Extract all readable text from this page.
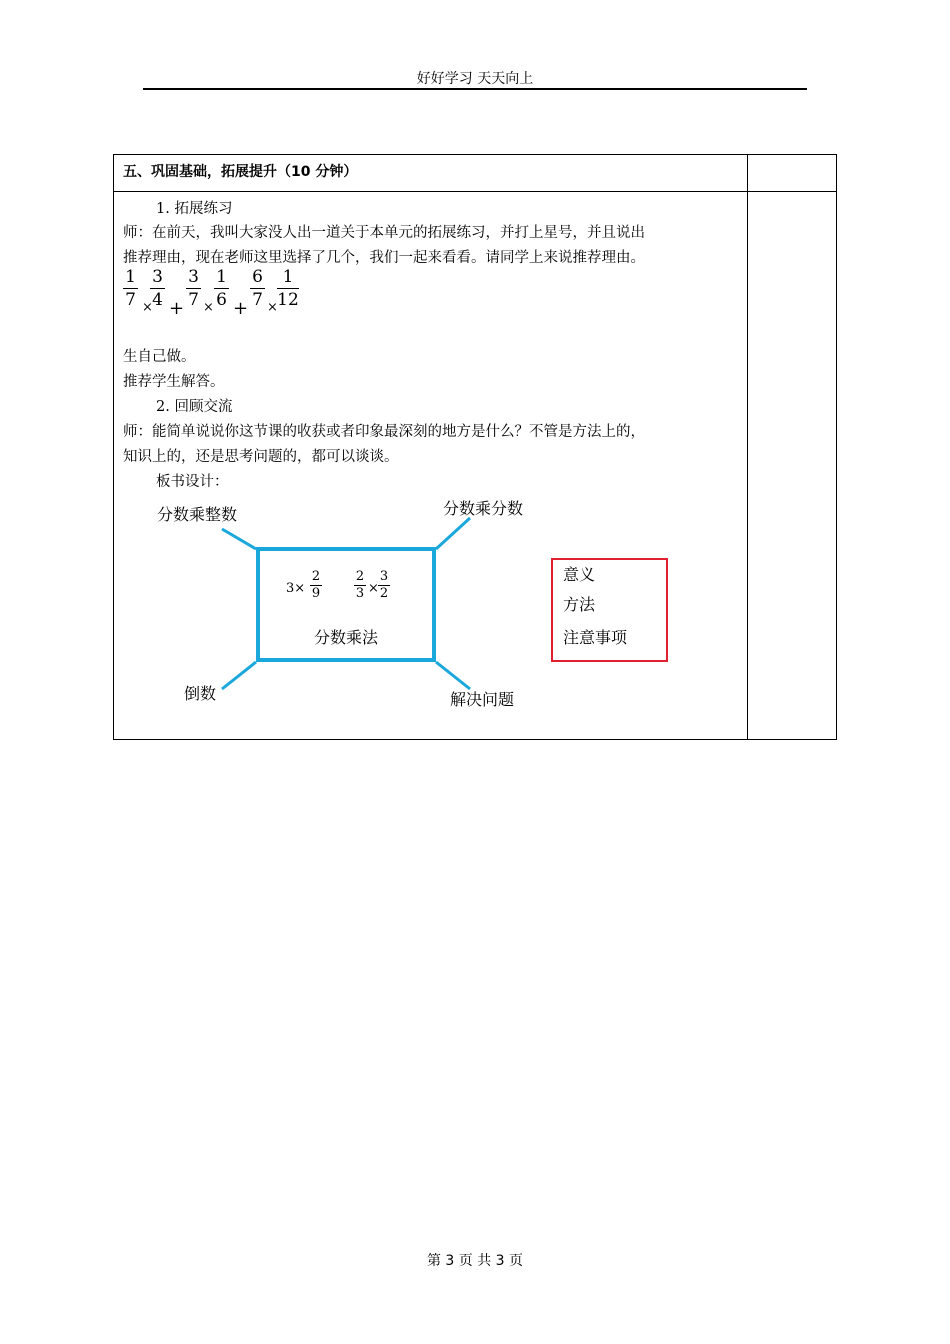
好好学习 天天向上
五、巩固基础，拓展提升（10 分钟）
1. 拓展练习
师：在前天，我叫大家没人出一道关于本单元的拓展练习，并打上星号，并且说出
推荐理由，现在老师这里选择了几个，我们一起来看看。请同学上来说推荐理由。
1
7
3
4
× +
3
7 ×
1
6 +
6
7 ×
1
12
生自己做。
推荐学生解答。
2. 回顾交流
师：能简单说说你这节课的收获或者印象最深刻的地方是什么？不管是方法上的，
知识上的，还是思考问题的，都可以谈谈。
板书设计：
分数乘整数	分数乘分数
倒数	解决问题
3×
2
9
2
3 ×
3
2
分数乘法
意义
方法
注意事项
第 3 页 共 3 页
